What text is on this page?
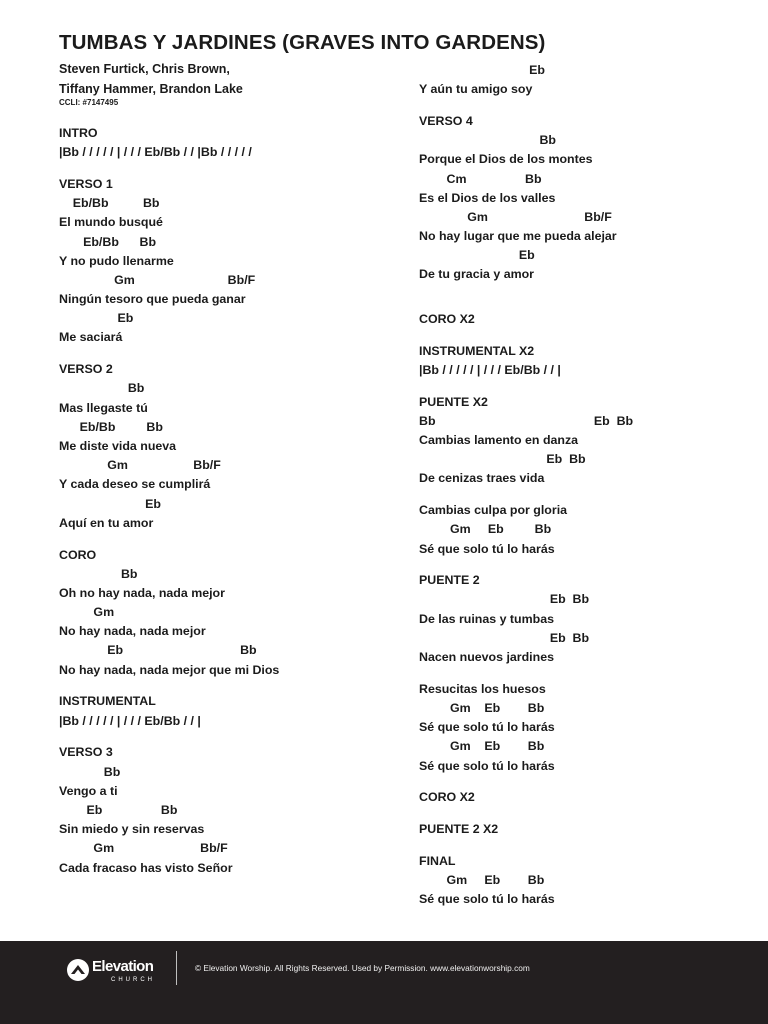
TUMBAS Y JARDINES (GRAVES INTO GARDENS)
Steven Furtick, Chris Brown,
Tiffany Hammer, Brandon Lake
CCLI: #7147495
INTRO
|Bb / / / / / | / / / Eb/Bb / / |Bb / / / / /
VERSO 1
Eb/Bb          Bb
El mundo busqué
Eb/Bb      Bb
Y no pudo llenarme
Gm                           Bb/F
Ningún tesoro que pueda ganar
Eb
Me saciará
VERSO 2
Bb
Mas llegaste tú
Eb/Bb         Bb
Me diste vida nueva
Gm                   Bb/F
Y cada deseo se cumplirá
Eb
Aquí en tu amor
CORO
Bb
Oh no hay nada, nada mejor
Gm
No hay nada, nada mejor
Eb                                  Bb
No hay nada, nada mejor que mi Dios
INSTRUMENTAL
|Bb / / / / / | / / / Eb/Bb / / |
VERSO 3
Bb
Vengo a ti
Eb                 Bb
Sin miedo y sin reservas
Gm                         Bb/F
Cada fracaso has visto Señor
Eb
Y aún tu amigo soy
VERSO 4
Bb
Porque el Dios de los montes
Cm                 Bb
Es el Dios de los valles
Gm                            Bb/F
No hay lugar que me pueda alejar
Eb
De tu gracia y amor
CORO X2
INSTRUMENTAL X2
|Bb / / / / / | / / / Eb/Bb / / |
PUENTE X2
Bb                                              Eb  Bb
Cambias lamento en danza
Eb  Bb
De cenizas traes vida
Cambias culpa por gloria
Gm     Eb         Bb
Sé que solo tú lo harás
PUENTE 2
Eb  Bb
De las ruinas y tumbas
Eb  Bb
Nacen nuevos jardines
Resucitas los huesos
Gm    Eb        Bb
Sé que solo tú lo harás
Gm    Eb        Bb
Sé que solo tú lo harás
CORO X2
PUENTE 2 X2
FINAL
Gm     Eb        Bb
Sé que solo tú lo harás
Elevation
CHURCH
© Elevation Worship. All Rights Reserved. Used by Permission. www.elevationworship.com
